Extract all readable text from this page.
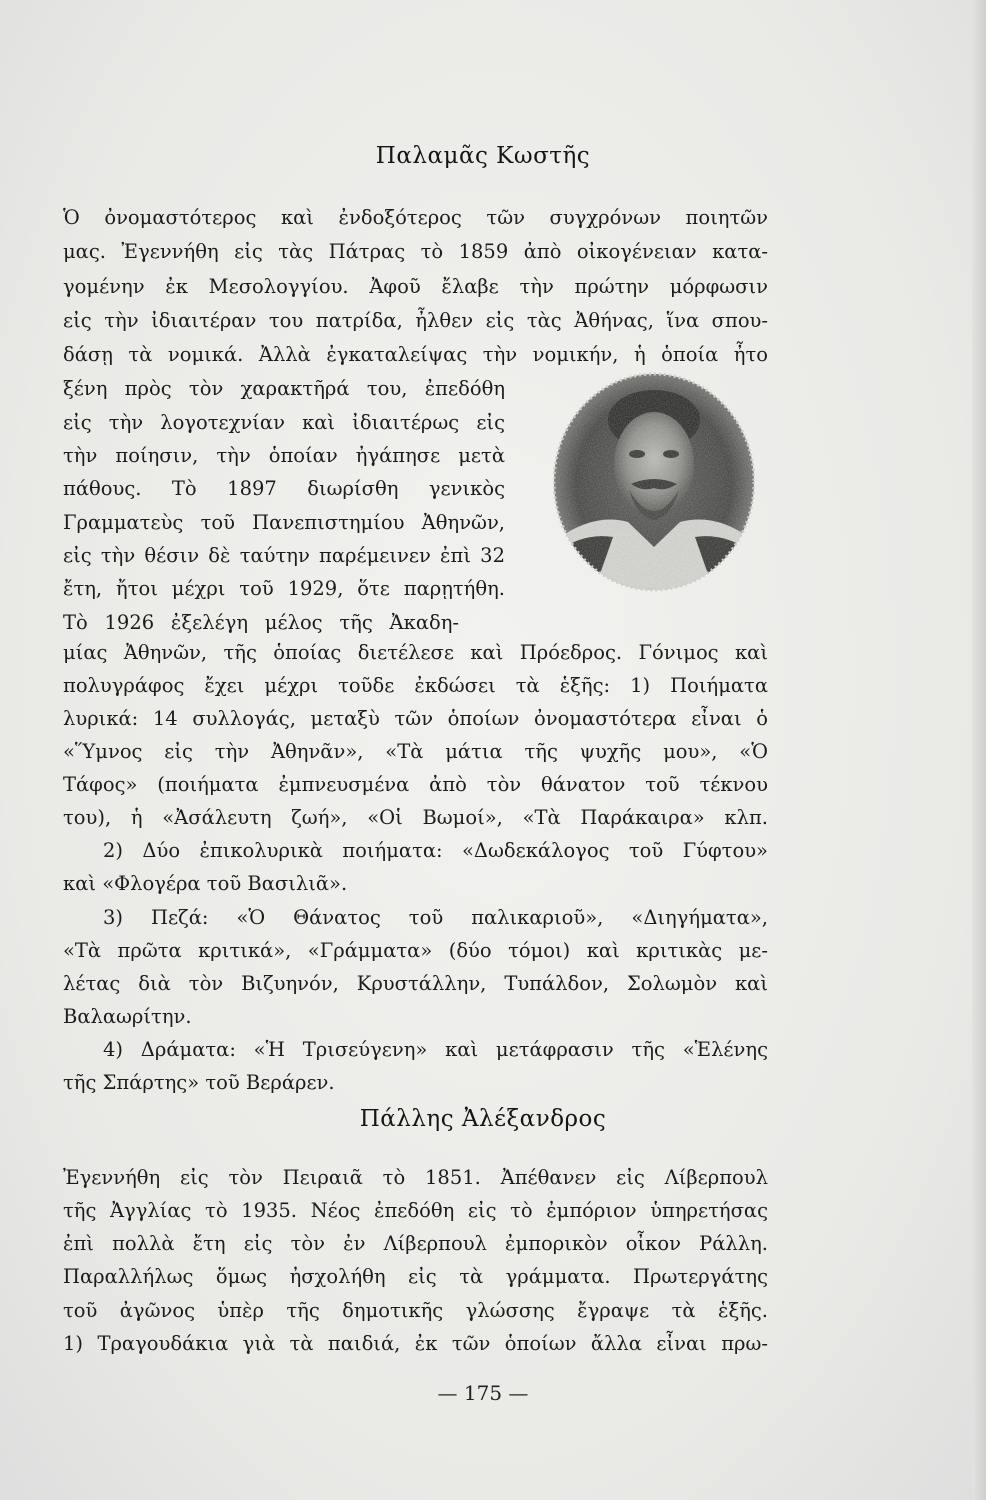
Παλαμᾶς Κωστῆς
Ὁ ὀνομαστότερος καὶ ἐνδοξότερος τῶν συγχρόνων ποιητῶν
μας. Ἐγεννήθη εἰς τὰς Πάτρας τὸ 1859 ἀπὸ οἰκογένειαν κατα-
γομένην ἐκ Μεσολογγίου. Ἀφοῦ ἔλαβε τὴν πρώτην μόρφωσιν
εἰς τὴν ἰδιαιτέραν του πατρίδα, ἦλθεν εἰς τὰς Ἀθήνας, ἵνα σπου-
δάσῃ τὰ νομικά. Ἀλλὰ ἐγκαταλείψας τὴν νομικήν, ἡ ὁποία ἦτο
ξένη πρὸς τὸν χαρακτῆρά του, ἐπεδόθη
εἰς τὴν λογοτεχνίαν καὶ ἰδιαιτέρως εἰς
τὴν ποίησιν, τὴν ὁποίαν ἠγάπησε μετὰ
πάθους. Τὸ 1897 διωρίσθη γενικὸς
Γραμματεὺς τοῦ Πανεπιστημίου Ἀθηνῶν,
εἰς τὴν θέσιν δὲ ταύτην παρέμεινεν ἐπὶ 32
ἔτη, ἤτοι μέχρι τοῦ 1929, ὅτε παρῃτήθη.
Τὸ 1926 ἐξελέγη μέλος τῆς Ἀκαδη-
μίας Ἀθηνῶν, τῆς ὁποίας διετέλεσε καὶ Πρόεδρος. Γόνιμος καὶ
πολυγράφος ἔχει μέχρι τοῦδε ἐκδώσει τὰ ἑξῆς: 1) Ποιήματα
λυρικά: 14 συλλογάς, μεταξὺ τῶν ὁποίων ὀνομαστότερα εἶναι ὁ
«Ὕμνος εἰς τὴν Ἀθηνᾶν», «Τὰ μάτια τῆς ψυχῆς μου», «Ὁ
Τάφος» (ποιήματα ἐμπνευσμένα ἀπὸ τὸν θάνατον τοῦ τέκνου
του), ἡ «Ἀσάλευτη ζωή», «Οἱ Βωμοί», «Τὰ Παράκαιρα» κλπ.
2) Δύο ἐπικολυρικὰ ποιήματα: «Δωδεκάλογος τοῦ Γύφτου»
καὶ «Φλογέρα τοῦ Βασιλιᾶ».
3) Πεζά: «Ὁ Θάνατος τοῦ παλικαριοῦ», «Διηγήματα»,
«Τὰ πρῶτα κριτικά», «Γράμματα» (δύο τόμοι) καὶ κριτικὰς με-
λέτας διὰ τὸν Βιζυηνόν, Κρυστάλλην, Τυπάλδον, Σολωμὸν καὶ
Βαλαωρίτην.
4) Δράματα: «Ἡ Τρισεύγενη» καὶ μετάφρασιν τῆς «Ἑλένης
τῆς Σπάρτης» τοῦ Βεράρεν.
Πάλλης Ἀλέξανδρος
Ἐγεννήθη εἰς τὸν Πειραιᾶ τὸ 1851. Ἀπέθανεν εἰς Λίβερπουλ
τῆς Ἀγγλίας τὸ 1935. Νέος ἐπεδόθη εἰς τὸ ἐμπόριον ὑπηρετήσας
ἐπὶ πολλὰ ἔτη εἰς τὸν ἐν Λίβερπουλ ἐμπορικὸν οἶκον Ράλλη.
Παραλλήλως ὅμως ἠσχολήθη εἰς τὰ γράμματα. Πρωτεργάτης
τοῦ ἀγῶνος ὑπὲρ τῆς δημοτικῆς γλώσσης ἔγραψε τὰ ἑξῆς.
1) Τραγουδάκια γιὰ τὰ παιδιά, ἐκ τῶν ὁποίων ἄλλα εἶναι πρω-
— 175 —
